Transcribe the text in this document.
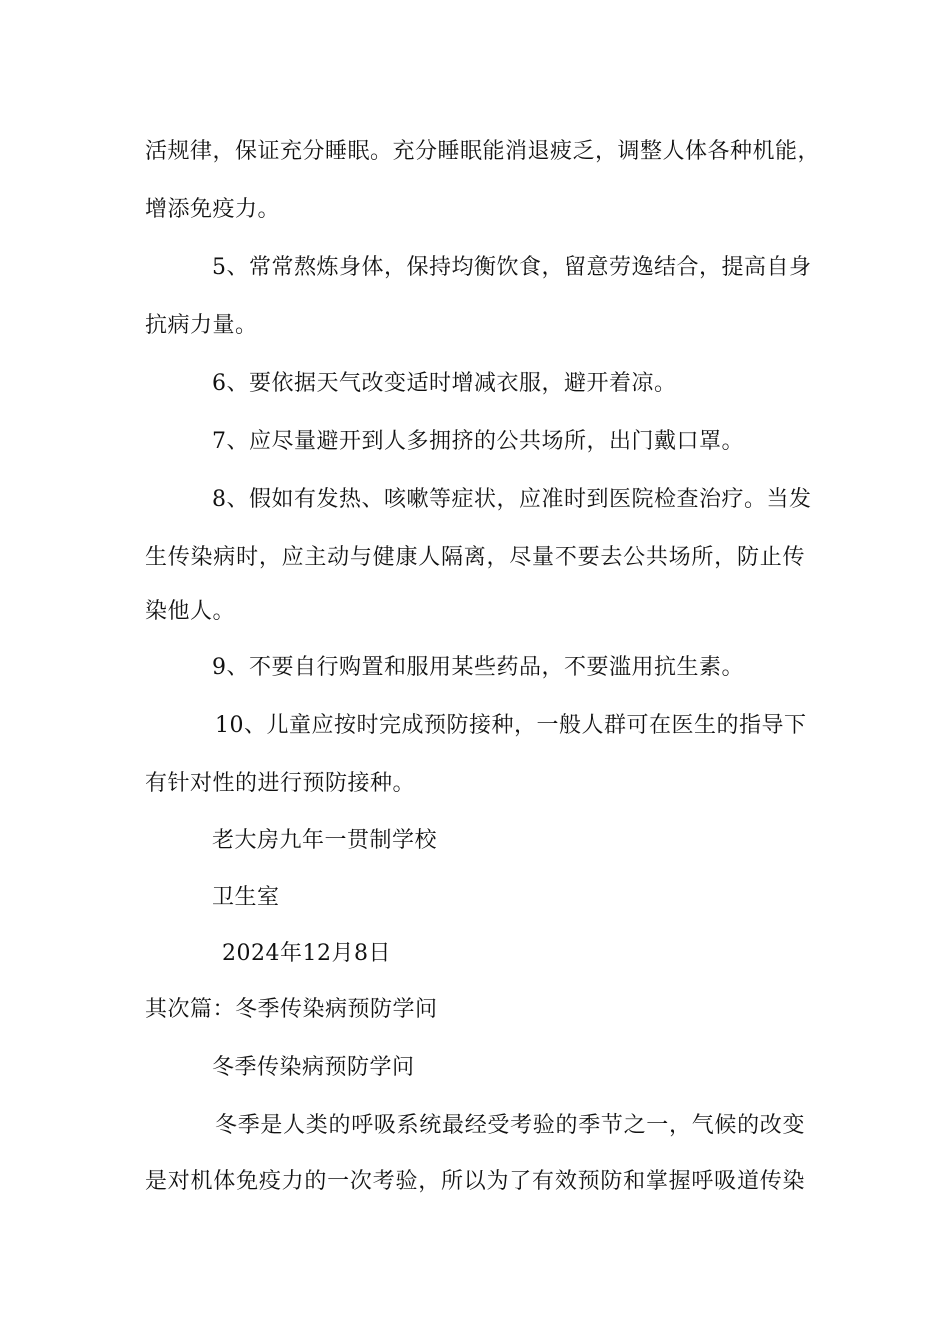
活规律，保证充分睡眠。充分睡眠能消退疲乏，调整人体各种机能，
增添免疫力。
5、常常熬炼身体，保持均衡饮食，留意劳逸结合，提高自身
抗病力量。
6、要依据天气改变适时增减衣服，避开着凉。
7、应尽量避开到人多拥挤的公共场所，出门戴口罩。
8、假如有发热、咳嗽等症状，应准时到医院检查治疗。当发
生传染病时，应主动与健康人隔离，尽量不要去公共场所，防止传
染他人。
9、不要自行购置和服用某些药品，不要滥用抗生素。
10、儿童应按时完成预防接种，一般人群可在医生的指导下
有针对性的进行预防接种。
老大房九年一贯制学校
卫生室
2024年12月8日
其次篇：冬季传染病预防学问
冬季传染病预防学问
冬季是人类的呼吸系统最经受考验的季节之一，气候的改变
是对机体免疫力的一次考验，所以为了有效预防和掌握呼吸道传染
